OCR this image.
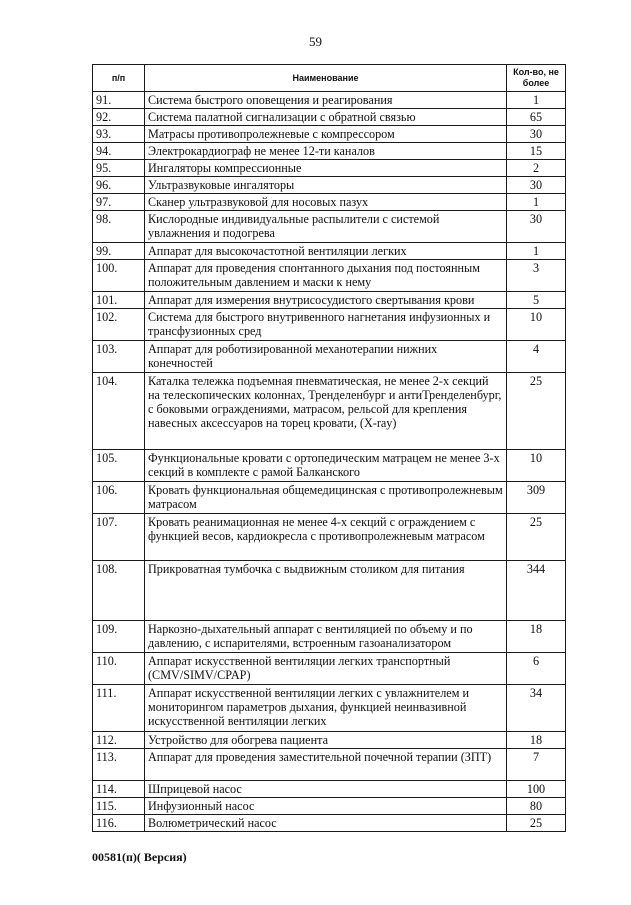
59
п/п	Наименование	Кол-во, не более
91.	Система быстрого оповещения и реагирования	1
92.	Система палатной сигнализации с обратной связью	65
93.	Матрасы противопролежневые с компрессором	30
94.	Электрокардиограф не менее 12-ти каналов	15
95.	Ингаляторы компрессионные	2
96.	Ультразвуковые ингаляторы	30
97.	Сканер ультразвуковой для носовых пазух	1
98.	Кислородные индивидуальные распылители с системой увлажнения и подогрева	30
99.	Аппарат для высокочастотной вентиляции легких	1
100.	Аппарат для проведения спонтанного дыхания под постоянным положительным давлением и маски к нему	3
101.	Аппарат для измерения внутрисосудистого свертывания крови	5
102.	Система для быстрого внутривенного нагнетания инфузионных и трансфузионных сред	10
103.	Аппарат для роботизированной механотерапии нижних конечностей	4
104.	Каталка тележка подъемная пневматическая, не менее 2-х секций на телескопических колоннах, Тренделенбург и антиТренделенбург, с боковыми ограждениями, матрасом, рельсой для крепления навесных аксессуаров на торец кровати, (X-ray)	25
105.	Функциональные кровати с ортопедическим матрацем не менее 3-х секций в комплекте с рамой Балканского	10
106.	Кровать функциональная общемедицинская с противопролежневым матрасом	309
107.	Кровать реанимационная не менее 4-х секций с ограждением с функцией весов, кардиокресла с противопролежневым матрасом	25
108.	Прикроватная тумбочка с выдвижным столиком для питания	344
109.	Наркозно-дыхательный аппарат с вентиляцией по объему и по давлению, с испарителями, встроенным газоанализатором	18
110.	Аппарат искусственной вентиляции легких транспортный (CMV/SIMV/CPAP)	6
111.	Аппарат искусственной вентиляции легких с увлажнителем и мониторингом параметров дыхания, функцией неинвазивной искусственной вентиляции легких	34
112.	Устройство для обогрева пациента	18
113.	Аппарат для проведения заместительной почечной терапии (ЗПТ)	7
114.	Шприцевой насос	100
115.	Инфузионный насос	80
116.	Волюметрический насос	25
00581(п)( Версия)
